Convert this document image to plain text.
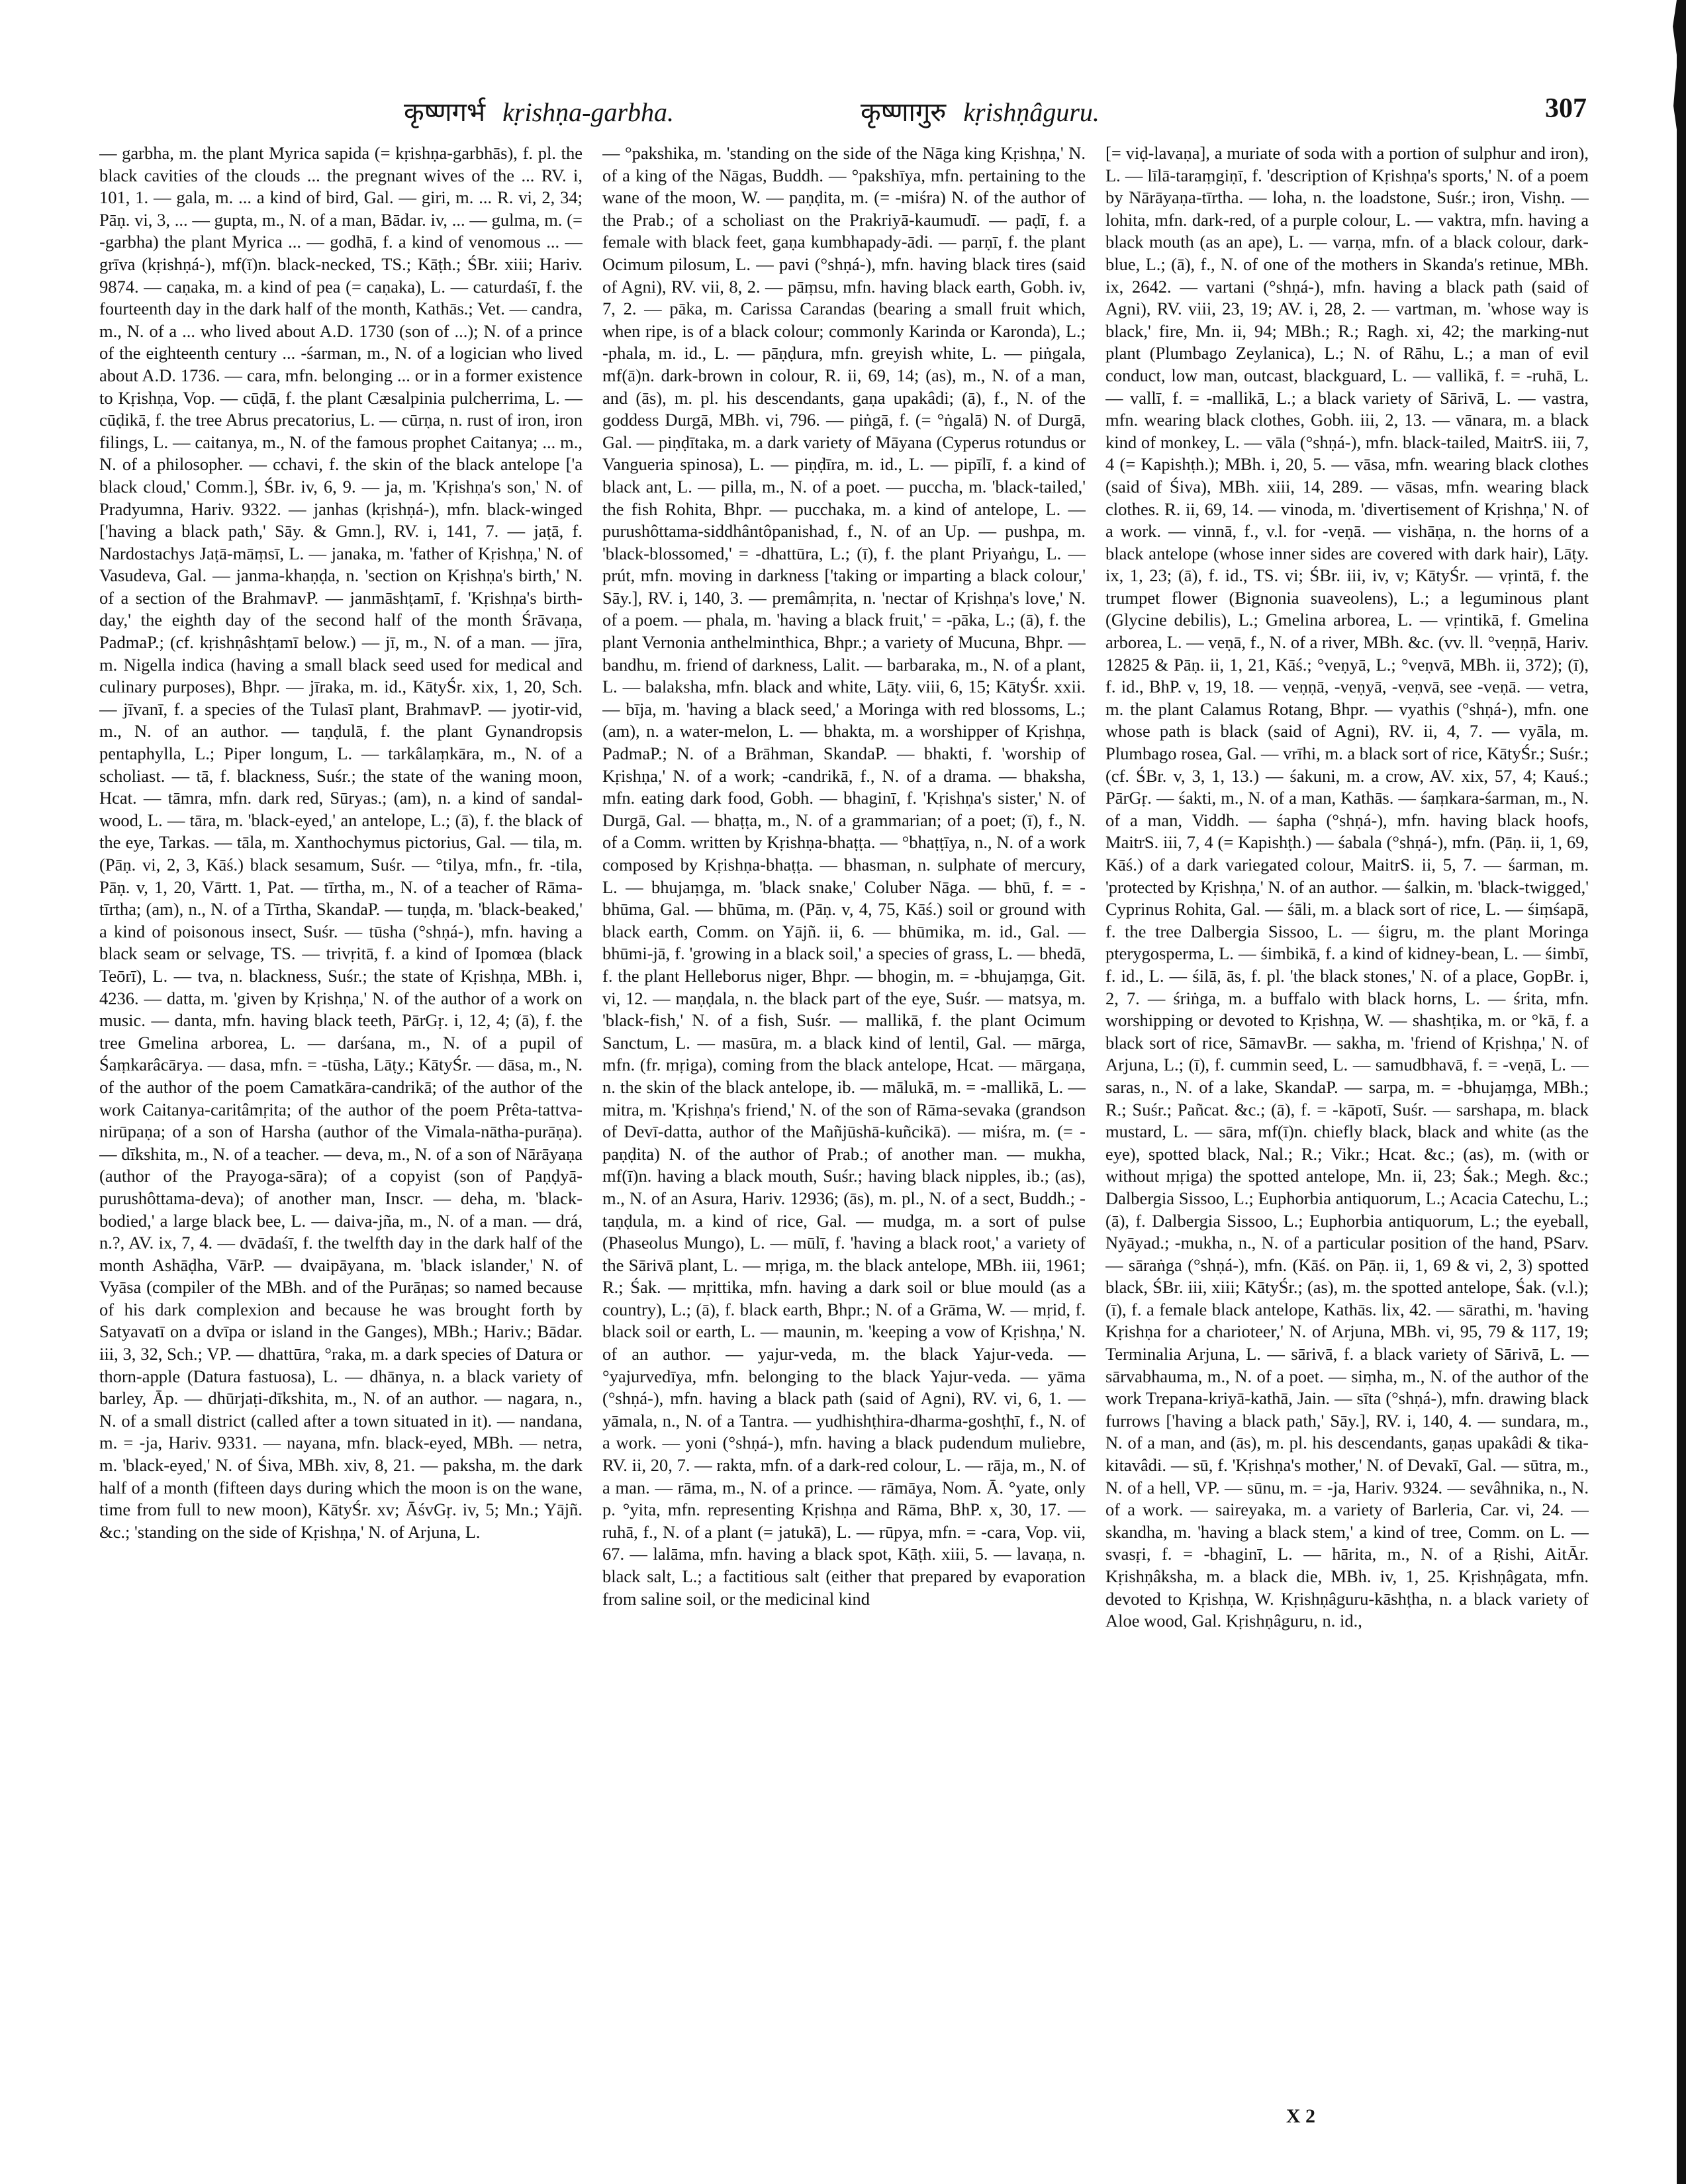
कृष्णगर्भ kṛishṇa-garbha.	कृष्णागुरु kṛishṇâguru.	307

— garbha, m. the plant Myrica sapida (= kṛishṇa-garbhās), f. pl. the black cavities of the clouds ... the pregnant wives of the ... RV. i, 101, 1. — gala, m. ... a kind of bird, Gal. — giri, m. ... R. vi, 2, 34; Pāṇ. vi, 3, ... — gupta, m., N. of a man, Bādar. iv, ... — gulma, m. (= -garbha) the plant Myrica ... — godhā, f. a kind of venomous ... — grīva (kṛishṇá-), mf(ī)n. black-necked, TS.; Kāṭh.; ŚBr. xiii; Hariv. 9874. — caṇaka, m. a kind of pea (= caṇaka), L. — caturdaśī, f. the fourteenth day in the dark half of the month, Kathās.; Vet. — candra, m., N. of a ... who lived about A.D. 1730 (son of ...); N. of a prince of the eighteenth century ... -śarman, m., N. of a logician who lived about A.D. 1736. — cara, mfn. belonging ... or in a former existence to Kṛishṇa, Vop. — cūḍā, f. the plant Cæsalpinia pulcherrima, L. — cūḍikā, f. the tree Abrus precatorius, L. — cūrṇa, n. rust of iron, iron filings, L. — caitanya, m., N. of the famous prophet Caitanya; ... m., N. of a philosopher. — cchavi, f. the skin of the black antelope ['a black cloud,' Comm.], ŚBr. iv, 6, 9. — ja, m. 'Kṛishṇa's son,' N. of Pradyumna, Hariv. 9322. — janhas (kṛishṇá-), mfn. black-winged ['having a black path,' Sāy. & Gmn.], RV. i, 141, 7. — jaṭā, f. Nardostachys Jaṭā-māṃsī, L. — janaka, m. 'father of Kṛishṇa,' N. of Vasudeva, Gal. — janma-khaṇḍa, n. 'section on Kṛishṇa's birth,' N. of a section of the BrahmavP. — janmāshṭamī, f. 'Kṛishṇa's birth-day,' the eighth day of the second half of the month Śrāvaṇa, PadmaP.; (cf. kṛishṇâshṭamī below.) — jī, m., N. of a man. — jīra, m. Nigella indica (having a small black seed used for medical and culinary purposes), Bhpr. — jīraka, m. id., KātyŚr. xix, 1, 20, Sch. — jīvanī, f. a species of the Tulasī plant, BrahmavP. — jyotir-vid, m., N. of an author. — taṇḍulā, f. the plant Gynandropsis pentaphylla, L.; Piper longum, L. — tarkâlaṃkāra, m., N. of a scholiast. — tā, f. blackness, Suśr.; the state of the waning moon, Hcat. — tāmra, mfn. dark red, Sūryas.; (am), n. a kind of sandal-wood, L. — tāra, m. 'black-eyed,' an antelope, L.; (ā), f. the black of the eye, Tarkas. — tāla, m. Xanthochymus pictorius, Gal. — tila, m. (Pāṇ. vi, 2, 3, Kāś.) black sesamum, Suśr. — °tilya, mfn., fr. -tila, Pāṇ. v, 1, 20, Vārtt. 1, Pat. — tīrtha, m., N. of a teacher of Rāma-tīrtha; (am), n., N. of a Tīrtha, SkandaP. — tuṇḍa, m. 'black-beaked,' a kind of poisonous insect, Suśr. — tūsha (°shṇá-), mfn. having a black seam or selvage, TS. — trivṛitā, f. a kind of Ipomœa (black Teōrī), L. — tva, n. blackness, Suśr.; the state of Kṛishṇa, MBh. i, 4236. — datta, m. 'given by Kṛishṇa,' N. of the author of a work on music. — danta, mfn. having black teeth, PārGṛ. i, 12, 4; (ā), f. the tree Gmelina arborea, L. — darśana, m., N. of a pupil of Śaṃkarâcārya. — dasa, mfn. = -tūsha, Lāṭy.; KātyŚr. — dāsa, m., N. of the author of the poem Camatkāra-candrikā; of the author of the work Caitanya-caritâmṛita; of the author of the poem Prêta-tattva-nirūpaṇa; of a son of Harsha (author of the Vimala-nātha-purāṇa). — dīkshita, m., N. of a teacher. — deva, m., N. of a son of Nārāyaṇa (author of the Prayoga-sāra); of a copyist (son of Paṇḍyā-purushôttama-deva); of another man, Inscr. — deha, m. 'black-bodied,' a large black bee, L. — daiva-jña, m., N. of a man. — drá, n.?, AV. ix, 7, 4. — dvādaśī, f. the twelfth day in the dark half of the month Ashāḍha, VārP. — dvaipāyana, m. 'black islander,' N. of Vyāsa (compiler of the MBh. and of the Purāṇas; so named because of his dark complexion and because he was brought forth by Satyavatī on a dvīpa or island in the Ganges), MBh.; Hariv.; Bādar. iii, 3, 32, Sch.; VP. — dhattūra, °raka, m. a dark species of Datura or thorn-apple (Datura fastuosa), L. — dhānya, n. a black variety of barley, Āp. — dhūrjaṭi-dīkshita, m., N. of an author. — nagara, n., N. of a small district (called after a town situated in it). — nandana, m. = -ja, Hariv. 9331. — nayana, mfn. black-eyed, MBh. — netra, m. 'black-eyed,' N. of Śiva, MBh. xiv, 8, 21. — paksha, m. the dark half of a month (fifteen days during which the moon is on the wane, time from full to new moon), KātyŚr. xv; ĀśvGṛ. iv, 5; Mn.; Yājñ. &c.; 'standing on the side of Kṛishṇa,' N. of Arjuna, L.

— °pakshika, m. 'standing on the side of the Nāga king Kṛishṇa,' N. of a king of the Nāgas, Buddh. — °pakshīya, mfn. pertaining to the wane of the moon, W. — paṇḍita, m. (= -miśra) N. of the author of the Prab.; of a scholiast on the Prakriyā-kaumudī. — paḍī, f. a female with black feet, gaṇa kumbhapady-ādi. — parṇī, f. the plant Ocimum pilosum, L. — pavi (°shṇá-), mfn. having black tires (said of Agni), RV. vii, 8, 2. — pāṃsu, mfn. having black earth, Gobh. iv, 7, 2. — pāka, m. Carissa Carandas (bearing a small fruit which, when ripe, is of a black colour; commonly Karinda or Karonda), L.; -phala, m. id., L. — pāṇḍura, mfn. greyish white, L. — piṅgala, mf(ā)n. dark-brown in colour, R. ii, 69, 14; (as), m., N. of a man, and (ās), m. pl. his descendants, gaṇa upakâdi; (ā), f., N. of the goddess Durgā, MBh. vi, 796. — piṅgā, f. (= °ṅgalā) N. of Durgā, Gal. — piṇḍītaka, m. a dark variety of Māyana (Cyperus rotundus or Vangueria spinosa), L. — piṇḍīra, m. id., L. — pipīlī, f. a kind of black ant, L. — pilla, m., N. of a poet. — puccha, m. 'black-tailed,' the fish Rohita, Bhpr. — pucchaka, m. a kind of antelope, L. — purushôttama-siddhântôpanishad, f., N. of an Up. — pushpa, m. 'black-blossomed,' = -dhattūra, L.; (ī), f. the plant Priyaṅgu, L. — prút, mfn. moving in darkness ['taking or imparting a black colour,' Sāy.], RV. i, 140, 3. — premâmṛita, n. 'nectar of Kṛishṇa's love,' N. of a poem. — phala, m. 'having a black fruit,' = -pāka, L.; (ā), f. the plant Vernonia anthelminthica, Bhpr.; a variety of Mucuna, Bhpr. — bandhu, m. friend of darkness, Lalit. — barbaraka, m., N. of a plant, L. — balaksha, mfn. black and white, Lāṭy. viii, 6, 15; KātyŚr. xxii. — bīja, m. 'having a black seed,' a Moringa with red blossoms, L.; (am), n. a water-melon, L. — bhakta, m. a worshipper of Kṛishṇa, PadmaP.; N. of a Brāhman, SkandaP. — bhakti, f. 'worship of Kṛishṇa,' N. of a work; -candrikā, f., N. of a drama. — bhaksha, mfn. eating dark food, Gobh. — bhaginī, f. 'Kṛishṇa's sister,' N. of Durgā, Gal. — bhaṭṭa, m., N. of a grammarian; of a poet; (ī), f., N. of a Comm. written by Kṛishṇa-bhaṭṭa. — °bhaṭṭīya, n., N. of a work composed by Kṛishṇa-bhaṭṭa. — bhasman, n. sulphate of mercury, L. — bhujaṃga, m. 'black snake,' Coluber Nāga. — bhū, f. = -bhūma, Gal. — bhūma, m. (Pāṇ. v, 4, 75, Kāś.) soil or ground with black earth, Comm. on Yājñ. ii, 6. — bhūmika, m. id., Gal. — bhūmi-jā, f. 'growing in a black soil,' a species of grass, L. — bhedā, f. the plant Helleborus niger, Bhpr. — bhogin, m. = -bhujaṃga, Git. vi, 12. — maṇḍala, n. the black part of the eye, Suśr. — matsya, m. 'black-fish,' N. of a fish, Suśr. — mallikā, f. the plant Ocimum Sanctum, L. — masūra, m. a black kind of lentil, Gal. — mārga, mfn. (fr. mṛiga), coming from the black antelope, Hcat. — mārgaṇa, n. the skin of the black antelope, ib. — mālukā, m. = -mallikā, L. — mitra, m. 'Kṛishṇa's friend,' N. of the son of Rāma-sevaka (grandson of Devī-datta, author of the Mañjūshā-kuñcikā). — miśra, m. (= -paṇḍita) N. of the author of Prab.; of another man. — mukha, mf(ī)n. having a black mouth, Suśr.; having black nipples, ib.; (as), m., N. of an Asura, Hariv. 12936; (ās), m. pl., N. of a sect, Buddh.; -taṇḍula, m. a kind of rice, Gal. — mudga, m. a sort of pulse (Phaseolus Mungo), L. — mūlī, f. 'having a black root,' a variety of the Sārivā plant, L. — mṛiga, m. the black antelope, MBh. iii, 1961; R.; Śak. — mṛittika, mfn. having a dark soil or blue mould (as a country), L.; (ā), f. black earth, Bhpr.; N. of a Grāma, W. — mṛid, f. black soil or earth, L. — maunin, m. 'keeping a vow of Kṛishṇa,' N. of an author. — yajur-veda, m. the black Yajur-veda. — °yajurvedīya, mfn. belonging to the black Yajur-veda. — yāma (°shṇá-), mfn. having a black path (said of Agni), RV. vi, 6, 1. — yāmala, n., N. of a Tantra. — yudhishṭhira-dharma-goshṭhī, f., N. of a work. — yoni (°shṇá-), mfn. having a black pudendum muliebre, RV. ii, 20, 7. — rakta, mfn. of a dark-red colour, L. — rāja, m., N. of a man. — rāma, m., N. of a prince. — rāmāya, Nom. Ā. °yate, only p. °yita, mfn. representing Kṛishṇa and Rāma, BhP. x, 30, 17. — ruhā, f., N. of a plant (= jatukā), L. — rūpya, mfn. = -cara, Vop. vii, 67. — lalāma, mfn. having a black spot, Kāṭh. xiii, 5. — lavaṇa, n. black salt, L.; a factitious salt (either that prepared by evaporation from saline soil, or the medicinal kind

[= viḍ-lavaṇa], a muriate of soda with a portion of sulphur and iron), L. — līlā-taraṃgiṇī, f. 'description of Kṛishṇa's sports,' N. of a poem by Nārāyaṇa-tīrtha. — loha, n. the loadstone, Suśr.; iron, Vishṇ. — lohita, mfn. dark-red, of a purple colour, L. — vaktra, mfn. having a black mouth (as an ape), L. — varṇa, mfn. of a black colour, dark-blue, L.; (ā), f., N. of one of the mothers in Skanda's retinue, MBh. ix, 2642. — vartani (°shṇá-), mfn. having a black path (said of Agni), RV. viii, 23, 19; AV. i, 28, 2. — vartman, m. 'whose way is black,' fire, Mn. ii, 94; MBh.; R.; Ragh. xi, 42; the marking-nut plant (Plumbago Zeylanica), L.; N. of Rāhu, L.; a man of evil conduct, low man, outcast, blackguard, L. — vallikā, f. = -ruhā, L. — vallī, f. = -mallikā, L.; a black variety of Sārivā, L. — vastra, mfn. wearing black clothes, Gobh. iii, 2, 13. — vānara, m. a black kind of monkey, L. — vāla (°shṇá-), mfn. black-tailed, MaitrS. iii, 7, 4 (= Kapishṭh.); MBh. i, 20, 5. — vāsa, mfn. wearing black clothes (said of Śiva), MBh. xiii, 14, 289. — vāsas, mfn. wearing black clothes. R. ii, 69, 14. — vinoda, m. 'divertisement of Kṛishṇa,' N. of a work. — vinnā, f., v.l. for -veṇā. — vishāṇa, n. the horns of a black antelope (whose inner sides are covered with dark hair), Lāṭy. ix, 1, 23; (ā), f. id., TS. vi; ŚBr. iii, iv, v; KātyŚr. — vṛintā, f. the trumpet flower (Bignonia suaveolens), L.; a leguminous plant (Glycine debilis), L.; Gmelina arborea, L. — vṛintikā, f. Gmelina arborea, L. — veṇā, f., N. of a river, MBh. &c. (vv. ll. °veṇṇā, Hariv. 12825 & Pāṇ. ii, 1, 21, Kāś.; °veṇyā, L.; °veṇvā, MBh. ii, 372); (ī), f. id., BhP. v, 19, 18. — veṇṇā, -veṇyā, -veṇvā, see -veṇā. — vetra, m. the plant Calamus Rotang, Bhpr. — vyathis (°shṇá-), mfn. one whose path is black (said of Agni), RV. ii, 4, 7. — vyāla, m. Plumbago rosea, Gal. — vrīhi, m. a black sort of rice, KātyŚr.; Suśr.; (cf. ŚBr. v, 3, 1, 13.) — śakuni, m. a crow, AV. xix, 57, 4; Kauś.; PārGṛ. — śakti, m., N. of a man, Kathās. — śaṃkara-śarman, m., N. of a man, Viddh. — śapha (°shṇá-), mfn. having black hoofs, MaitrS. iii, 7, 4 (= Kapishṭh.) — śabala (°shṇá-), mfn. (Pāṇ. ii, 1, 69, Kāś.) of a dark variegated colour, MaitrS. ii, 5, 7. — śarman, m. 'protected by Kṛishṇa,' N. of an author. — śalkin, m. 'black-twigged,' Cyprinus Rohita, Gal. — śāli, m. a black sort of rice, L. — śiṃśapā, f. the tree Dalbergia Sissoo, L. — śigru, m. the plant Moringa pterygosperma, L. — śimbikā, f. a kind of kidney-bean, L. — śimbī, f. id., L. — śilā, ās, f. pl. 'the black stones,' N. of a place, GopBr. i, 2, 7. — śriṅga, m. a buffalo with black horns, L. — śrita, mfn. worshipping or devoted to Kṛishṇa, W. — shashṭika, m. or °kā, f. a black sort of rice, SāmavBr. — sakha, m. 'friend of Kṛishṇa,' N. of Arjuna, L.; (ī), f. cummin seed, L. — samudbhavā, f. = -veṇā, L. — saras, n., N. of a lake, SkandaP. — sarpa, m. = -bhujaṃga, MBh.; R.; Suśr.; Pañcat. &c.; (ā), f. = -kāpotī, Suśr. — sarshapa, m. black mustard, L. — sāra, mf(ī)n. chiefly black, black and white (as the eye), spotted black, Nal.; R.; Vikr.; Hcat. &c.; (as), m. (with or without mṛiga) the spotted antelope, Mn. ii, 23; Śak.; Megh. &c.; Dalbergia Sissoo, L.; Euphorbia antiquorum, L.; Acacia Catechu, L.; (ā), f. Dalbergia Sissoo, L.; Euphorbia antiquorum, L.; the eyeball, Nyāyad.; -mukha, n., N. of a particular position of the hand, PSarv. — sāraṅga (°shṇá-), mfn. (Kāś. on Pāṇ. ii, 1, 69 & vi, 2, 3) spotted black, ŚBr. iii, xiii; KātyŚr.; (as), m. the spotted antelope, Śak. (v.l.); (ī), f. a female black antelope, Kathās. lix, 42. — sārathi, m. 'having Kṛishṇa for a charioteer,' N. of Arjuna, MBh. vi, 95, 79 & 117, 19; Terminalia Arjuna, L. — sārivā, f. a black variety of Sārivā, L. — sārvabhauma, m., N. of a poet. — siṃha, m., N. of the author of the work Trepana-kriyā-kathā, Jain. — sīta (°shṇá-), mfn. drawing black furrows ['having a black path,' Sāy.], RV. i, 140, 4. — sundara, m., N. of a man, and (ās), m. pl. his descendants, gaṇas upakâdi & tika-kitavâdi. — sū, f. 'Kṛishṇa's mother,' N. of Devakī, Gal. — sūtra, m., N. of a hell, VP. — sūnu, m. = -ja, Hariv. 9324. — sevâhnika, n., N. of a work. — saireyaka, m. a variety of Barleria, Car. vi, 24. — skandha, m. 'having a black stem,' a kind of tree, Comm. on L. — svasṛi, f. = -bhaginī, L. — hārita, m., N. of a Ṛishi, AitĀr. Kṛishṇâksha, m. a black die, MBh. iv, 1, 25. Kṛishṇâgata, mfn. devoted to Kṛishṇa, W. Kṛishṇâguru-kāshṭha, n. a black variety of Aloe wood, Gal. Kṛishṇâguru, n. id.,

X 2
